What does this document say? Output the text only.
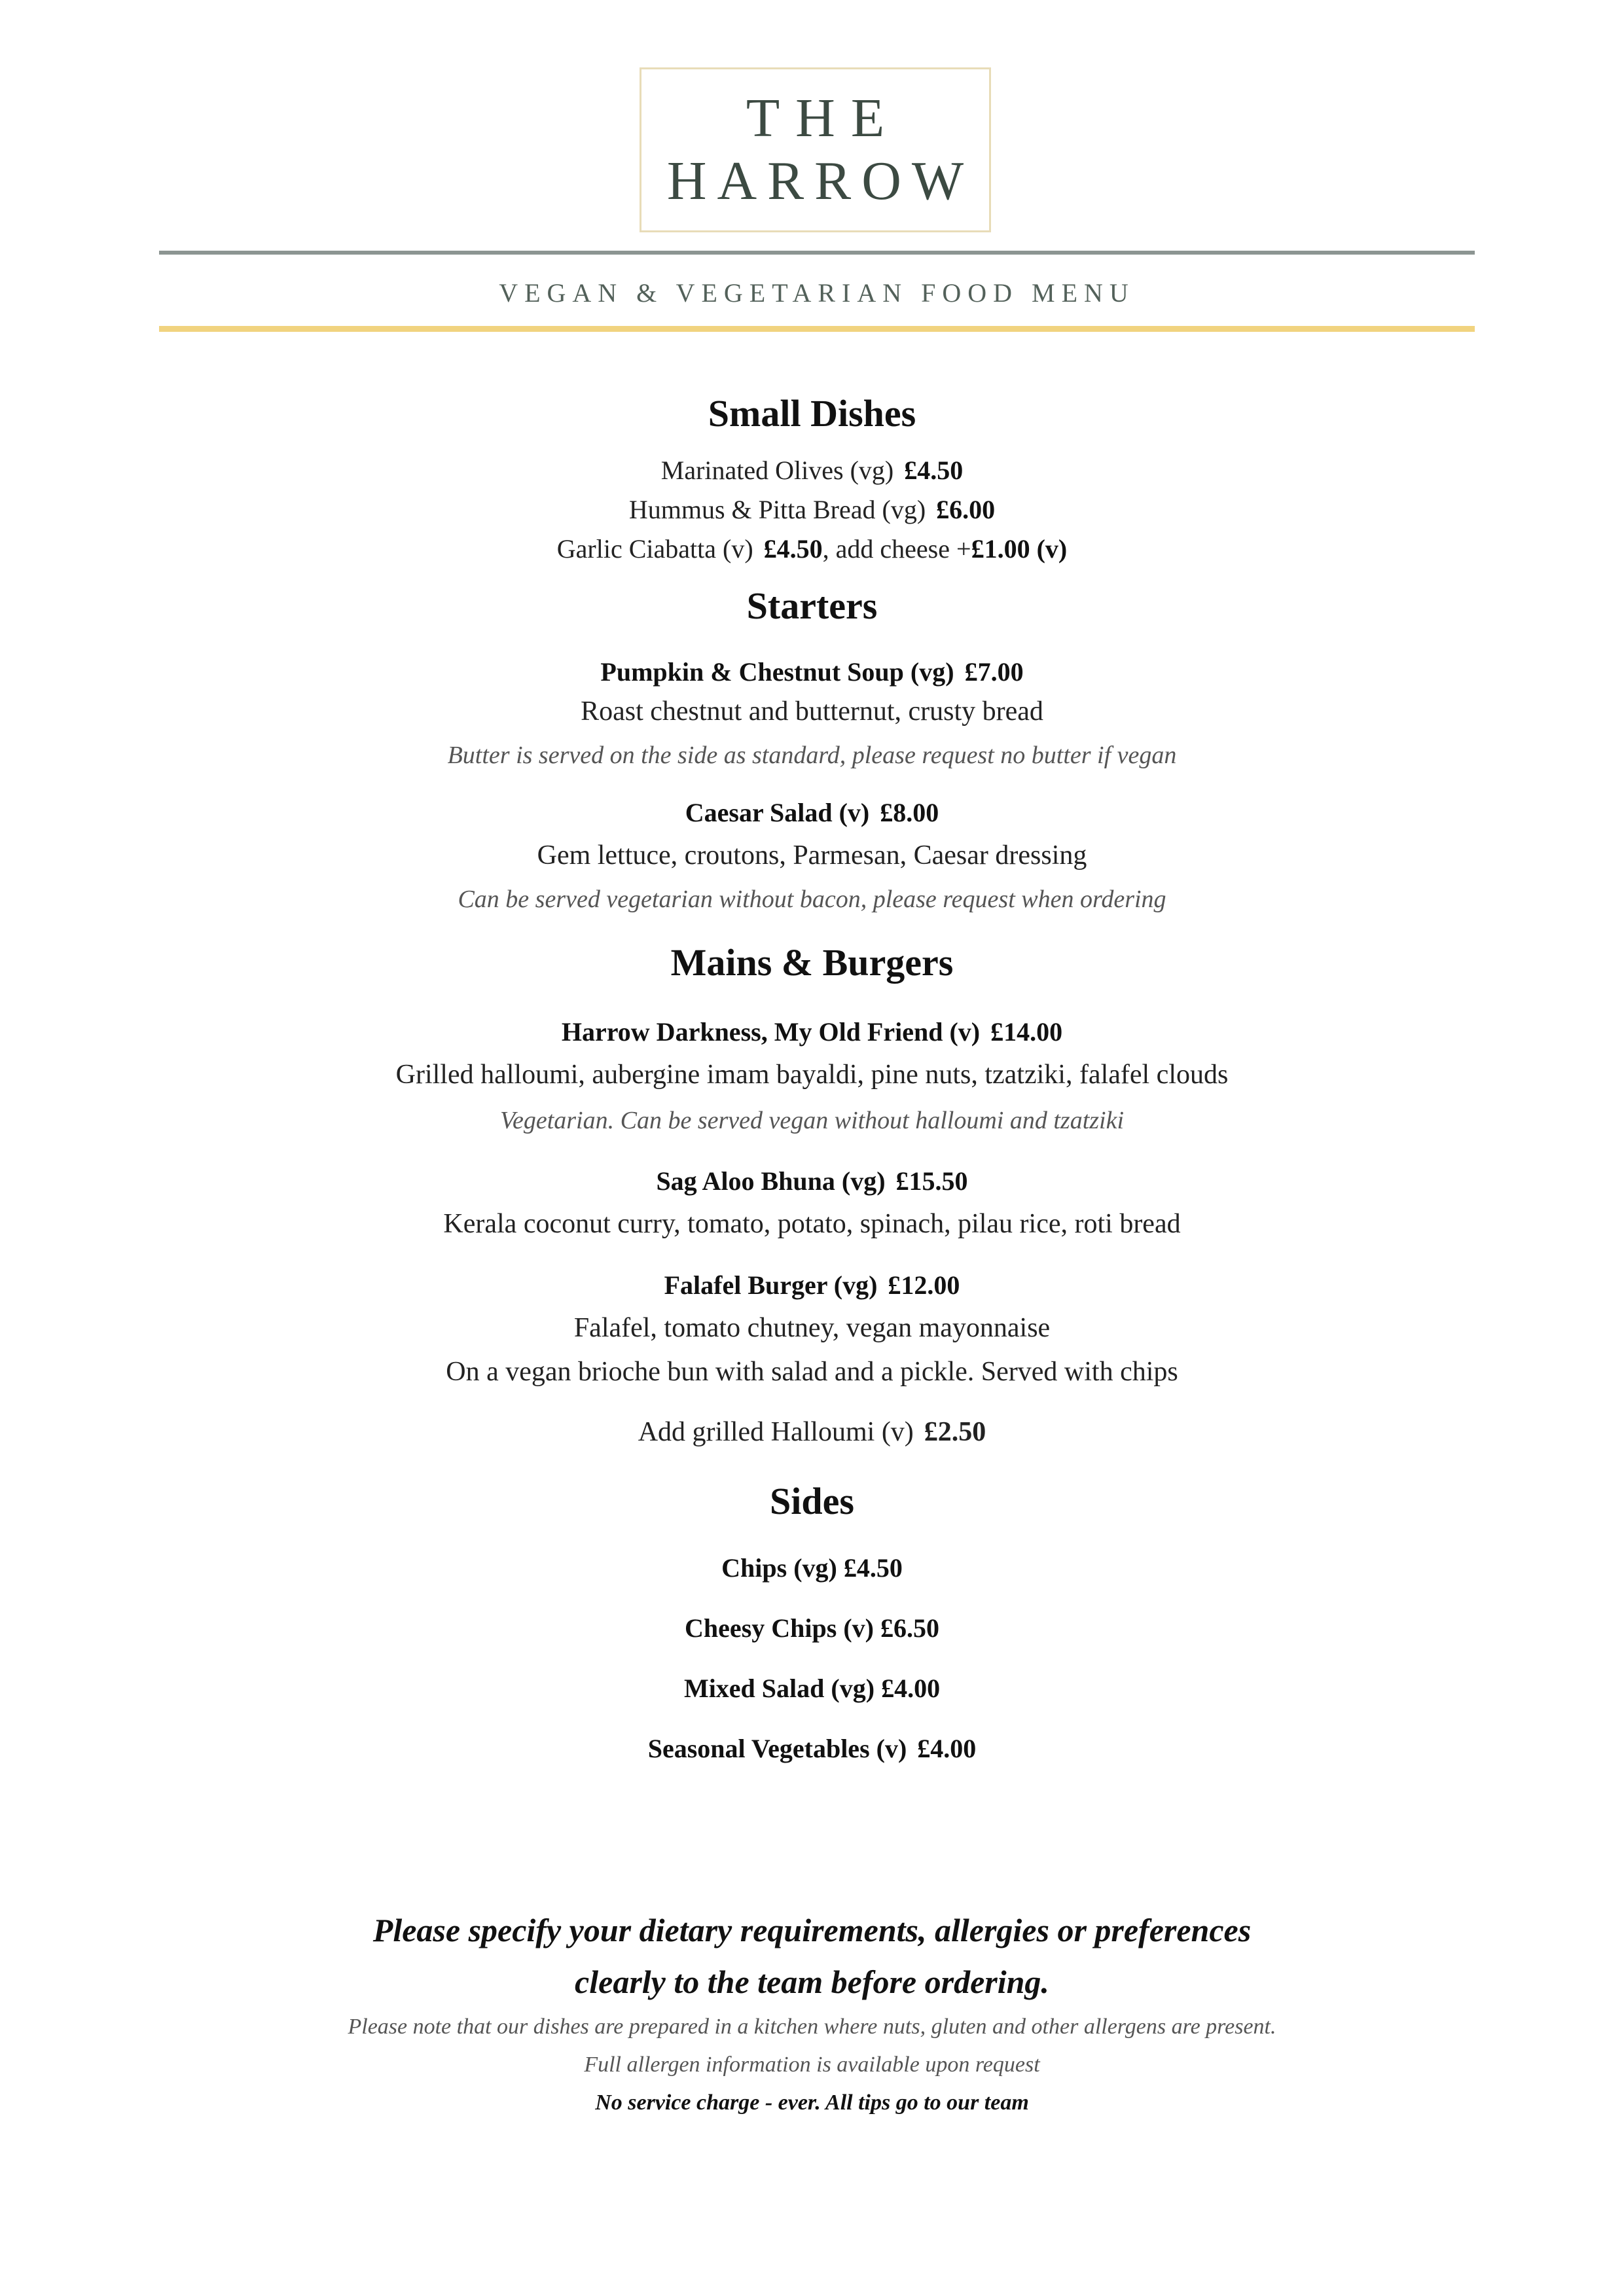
THE
HARROW
VEGAN & VEGETARIAN FOOD MENU
Small Dishes
Marinated Olives (vg) £4.50
Hummus & Pitta Bread (vg) £6.00
Garlic Ciabatta (v) £4.50, add cheese +£1.00 (v)
Starters
Pumpkin & Chestnut Soup (vg) £7.00
Roast chestnut and butternut, crusty bread
Butter is served on the side as standard, please request no butter if vegan
Caesar Salad (v) £8.00
Gem lettuce, croutons, Parmesan, Caesar dressing
Can be served vegetarian without bacon, please request when ordering
Mains & Burgers
Harrow Darkness, My Old Friend (v) £14.00
Grilled halloumi, aubergine imam bayaldi, pine nuts, tzatziki, falafel clouds
Vegetarian. Can be served vegan without halloumi and tzatziki
Sag Aloo Bhuna (vg) £15.50
Kerala coconut curry, tomato, potato, spinach, pilau rice, roti bread
Falafel Burger (vg) £12.00
Falafel, tomato chutney, vegan mayonnaise
On a vegan brioche bun with salad and a pickle. Served with chips
Add grilled Halloumi (v) £2.50
Sides
Chips (vg) £4.50
Cheesy Chips (v) £6.50
Mixed Salad (vg) £4.00
Seasonal Vegetables (v) £4.00
Please specify your dietary requirements, allergies or preferences
clearly to the team before ordering.
Please note that our dishes are prepared in a kitchen where nuts, gluten and other allergens are present.
Full allergen information is available upon request
No service charge - ever. All tips go to our team
